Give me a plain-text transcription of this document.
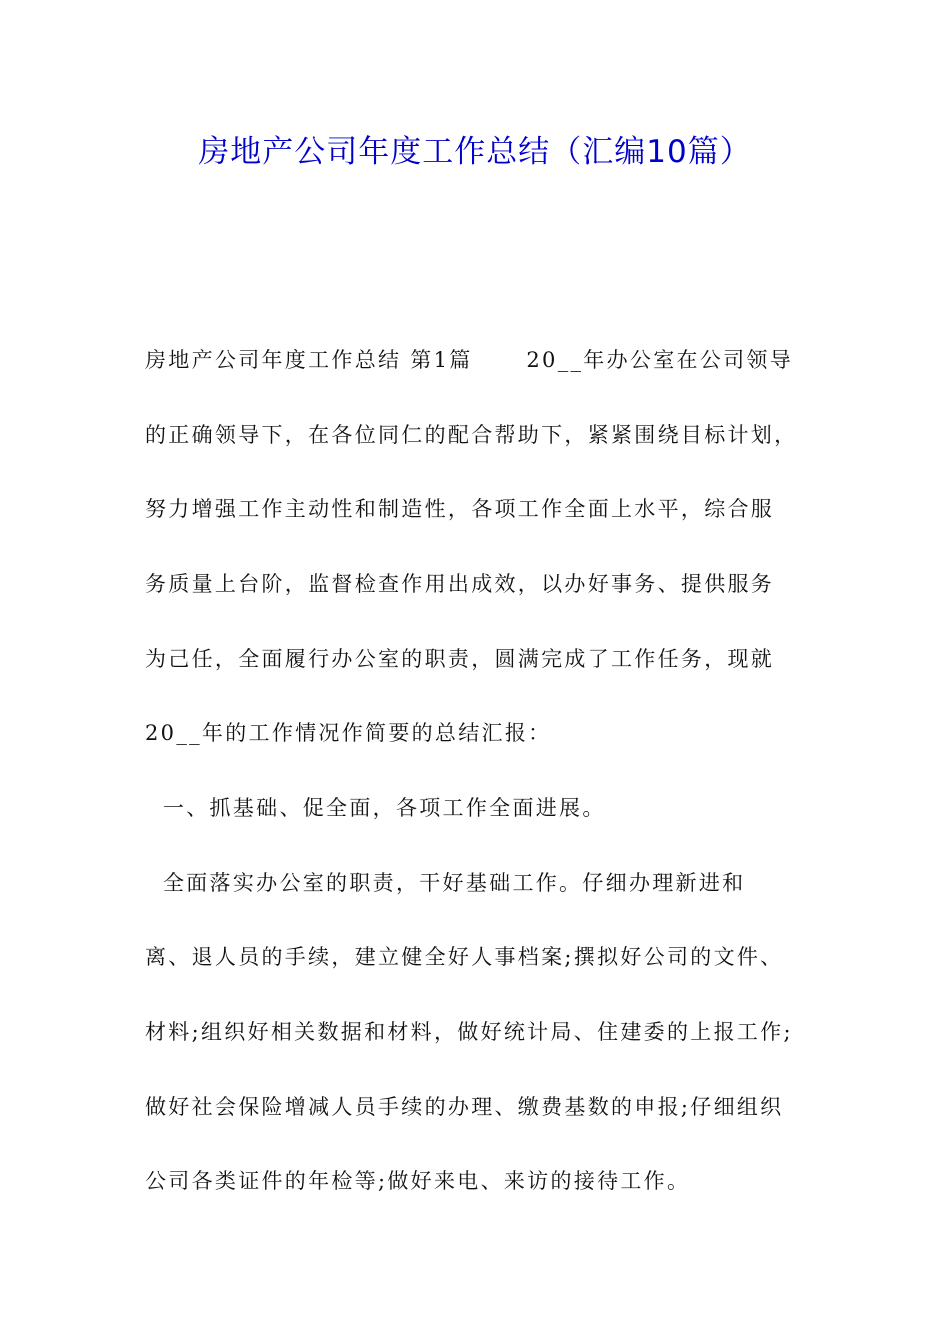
房地产公司年度工作总结（汇编10篇）
房地产公司年度工作总结 第1篇      20__年办公室在公司领导
的正确领导下，在各位同仁的配合帮助下，紧紧围绕目标计划，
努力增强工作主动性和制造性，各项工作全面上水平，综合服
务质量上台阶，监督检查作用出成效，以办好事务、提供服务
为己任，全面履行办公室的职责，圆满完成了工作任务，现就
20__年的工作情况作简要的总结汇报：
一、抓基础、促全面，各项工作全面进展。
全面落实办公室的职责，干好基础工作。仔细办理新进和
离、退人员的手续，建立健全好人事档案;撰拟好公司的文件、
材料;组织好相关数据和材料，做好统计局、住建委的上报工作;
做好社会保险增减人员手续的办理、缴费基数的申报;仔细组织
公司各类证件的年检等;做好来电、来访的接待工作。
